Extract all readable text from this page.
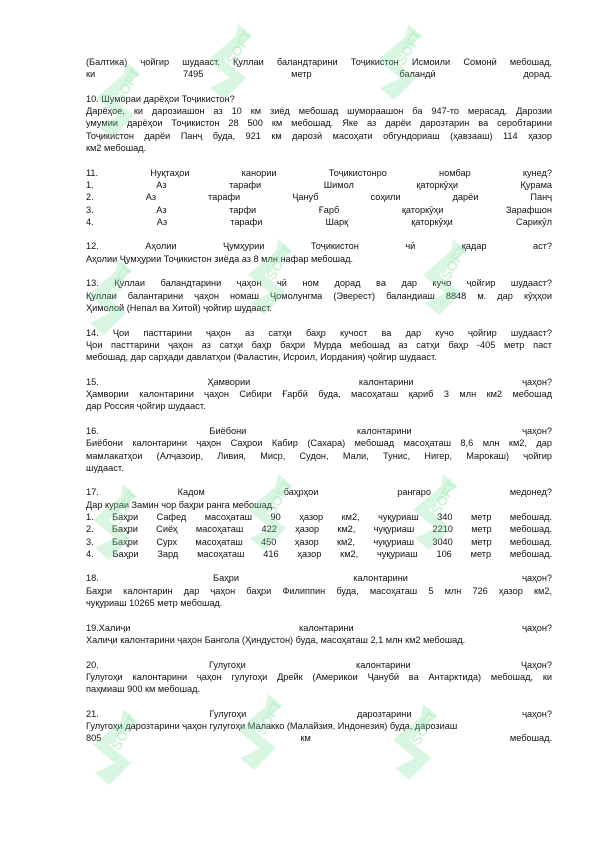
(Балтика) ҷойгир шудааст. Қуллаи баландтарини Тоҷикистон Исмоили Сомонӣ мебошад,
ки 7495 метр баландӣ дорад.
10. Шумораи дарёҳои Тоҷикистон?
Дарёҳое, ки дарозиашон аз 10 км зиёд мебошад шумораашон ба 947-то мерасад. Дарозии
умумии дарёҳои Тоҷикистон 28 500 км мебошад. Яке аз дарёи дарозтарин ва серобтарини
Тоҷикистон дарёи Панҷ буда, 921 км дарозӣ масоҳати обгундориаш (ҳавзааш) 114 ҳазор
км2 мебошад.
11. Нуқтаҳои канории Тоҷикистонро номбар кунед?
1. Аз тарафи Шимол қаторкӯҳи Қурама
2. Аз тарафи Ҷануб соҳили дарёи Панҷ
3. Аз тарфи Ғарб қаторкӯҳи Зарафшон
4. Аз тарафи Шарқ қаторкӯҳи Сарикӯл
12. Аҳолии Ҷумҳурии Тоҷикистон чӣ қадар аст?
Аҳолии Ҷумҳурии Тоҷикистон зиёда аз 8 млн нафар мебошад.
13. Қуллаи баландтарини ҷаҳон чӣ ном дорад ва дар кучо ҷойгир шудааст?
Қуллаи балантарини ҷаҳон номаш Ҷомолунгма (Эверест) баландиаш 8848 м. дар кӯҳҳои
Ҳимолой (Непал ва Хитой) ҷойгир шудааст.
14. Ҷои пасттарини ҷаҳон аз сатҳи баҳр кучост ва дар кучо ҷойгир шудааст?
Ҷои пасттарини ҷаҳон аз сатҳи баҳр баҳри Мурда мебошад аз сатҳи баҳр -405 метр паст
мебошад, дар сарҳади давлатҳои (Фаластин, Исроил, Иордания) ҷойгир шудааст.
15. Ҳамвории калонтарини ҷаҳон?
Ҳамвории калонтарини ҷаҳон Сибири Ғарбӣ буда, масоҳаташ қариб 3 млн км2 мебошад
дар Россия ҷойгир шудааст.
16. Биёбони калонтарини ҷаҳон?
Биёбони калонтарини ҷаҳон Саҳрои Кабир (Сахара) мебошад масоҳаташ 8,6 млн км2, дар
мамлакатҳои (Алҷазоир, Ливия, Миср, Судон, Мали, Тунис, Нигер, Марокаш) ҷойгир
шудааст.
17. Кадом баҳрҳои рангаро медонед?
Дар кураи Замин чор баҳри ранга мебошад.
1. Баҳри Сафед масоҳаташ 90 ҳазор км2, чуқуриаш 340 метр мебошад.
2. Баҳри Сиёҳ масоҳаташ 422 ҳазор км2, чуқуриаш 2210 метр мебошад.
3. Баҳри Сурх масоҳаташ 450 ҳазор км2, чуқуриаш 3040 метр мебошад.
4. Баҳри Зард масоҳаташ 416 ҳазор км2, чуқуриаш 106 метр мебошад.
18. Баҳри калонтарини ҷаҳон?
Баҳри калонтарин дар ҷаҳон баҳри Филиппин буда, масоҳаташ 5 млн 726 ҳазор км2,
чуқуриаш 10265 метр мебошад.
19.Халиҷи калонтарини ҷаҳон?
Халиҷи калонтарини ҷаҳон Бангола (Ҳиндустон) буда, масоҳаташ 2,1 млн км2 мебошад.
20. Гулугоҳи калонтарини Ҷаҳон?
Гулугоҳи калонтарини ҷаҳон гулугоҳи Дрейк (Америкои Ҷанубӣ ва Антарктида) мебошад, ки
паҳмиаш 900 км мебошад.
21. Гулугоҳи дарозтарини ҷаҳон?
Гулугоҳи дарозтарини ҷаҳон гулугоҳи Малакко (Малайзия, Индонезия) буда, дарозиаш
805 км мебошад.
SOFT
SOFT	SOFT
SOFT	SOFT	SOFT
SOFT	SOFT	SOFT
SOFT	SOFT	SOFT
